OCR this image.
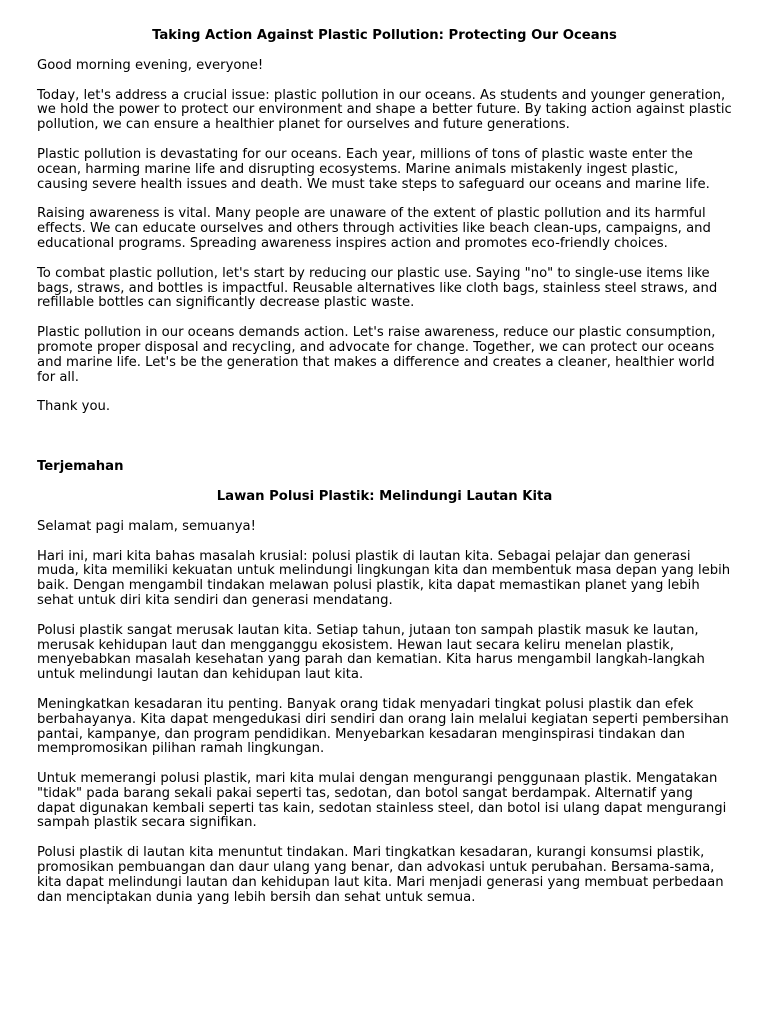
Taking Action Against Plastic Pollution: Protecting Our Oceans
Good morning evening, everyone!
Today, let's address a crucial issue: plastic pollution in our oceans. As students and younger generation, we hold the power to protect our environment and shape a better future. By taking action against plastic pollution, we can ensure a healthier planet for ourselves and future generations.
Plastic pollution is devastating for our oceans. Each year, millions of tons of plastic waste enter the ocean, harming marine life and disrupting ecosystems. Marine animals mistakenly ingest plastic, causing severe health issues and death. We must take steps to safeguard our oceans and marine life.
Raising awareness is vital. Many people are unaware of the extent of plastic pollution and its harmful effects. We can educate ourselves and others through activities like beach clean-ups, campaigns, and educational programs. Spreading awareness inspires action and promotes eco-friendly choices.
To combat plastic pollution, let's start by reducing our plastic use. Saying "no" to single-use items like bags, straws, and bottles is impactful. Reusable alternatives like cloth bags, stainless steel straws, and refillable bottles can significantly decrease plastic waste.
Plastic pollution in our oceans demands action. Let's raise awareness, reduce our plastic consumption, promote proper disposal and recycling, and advocate for change. Together, we can protect our oceans and marine life. Let's be the generation that makes a difference and creates a cleaner, healthier world for all.
Thank you.
Terjemahan
Lawan Polusi Plastik: Melindungi Lautan Kita
Selamat pagi malam, semuanya!
Hari ini, mari kita bahas masalah krusial: polusi plastik di lautan kita. Sebagai pelajar dan generasi muda, kita memiliki kekuatan untuk melindungi lingkungan kita dan membentuk masa depan yang lebih baik. Dengan mengambil tindakan melawan polusi plastik, kita dapat memastikan planet yang lebih sehat untuk diri kita sendiri dan generasi mendatang.
Polusi plastik sangat merusak lautan kita. Setiap tahun, jutaan ton sampah plastik masuk ke lautan, merusak kehidupan laut dan mengganggu ekosistem. Hewan laut secara keliru menelan plastik, menyebabkan masalah kesehatan yang parah dan kematian. Kita harus mengambil langkah-langkah untuk melindungi lautan dan kehidupan laut kita.
Meningkatkan kesadaran itu penting. Banyak orang tidak menyadari tingkat polusi plastik dan efek berbahayanya. Kita dapat mengedukasi diri sendiri dan orang lain melalui kegiatan seperti pembersihan pantai, kampanye, dan program pendidikan. Menyebarkan kesadaran menginspirasi tindakan dan mempromosikan pilihan ramah lingkungan.
Untuk memerangi polusi plastik, mari kita mulai dengan mengurangi penggunaan plastik. Mengatakan "tidak" pada barang sekali pakai seperti tas, sedotan, dan botol sangat berdampak. Alternatif yang dapat digunakan kembali seperti tas kain, sedotan stainless steel, dan botol isi ulang dapat mengurangi sampah plastik secara signifikan.
Polusi plastik di lautan kita menuntut tindakan. Mari tingkatkan kesadaran, kurangi konsumsi plastik, promosikan pembuangan dan daur ulang yang benar, dan advokasi untuk perubahan. Bersama-sama, kita dapat melindungi lautan dan kehidupan laut kita. Mari menjadi generasi yang membuat perbedaan dan menciptakan dunia yang lebih bersih dan sehat untuk semua.
